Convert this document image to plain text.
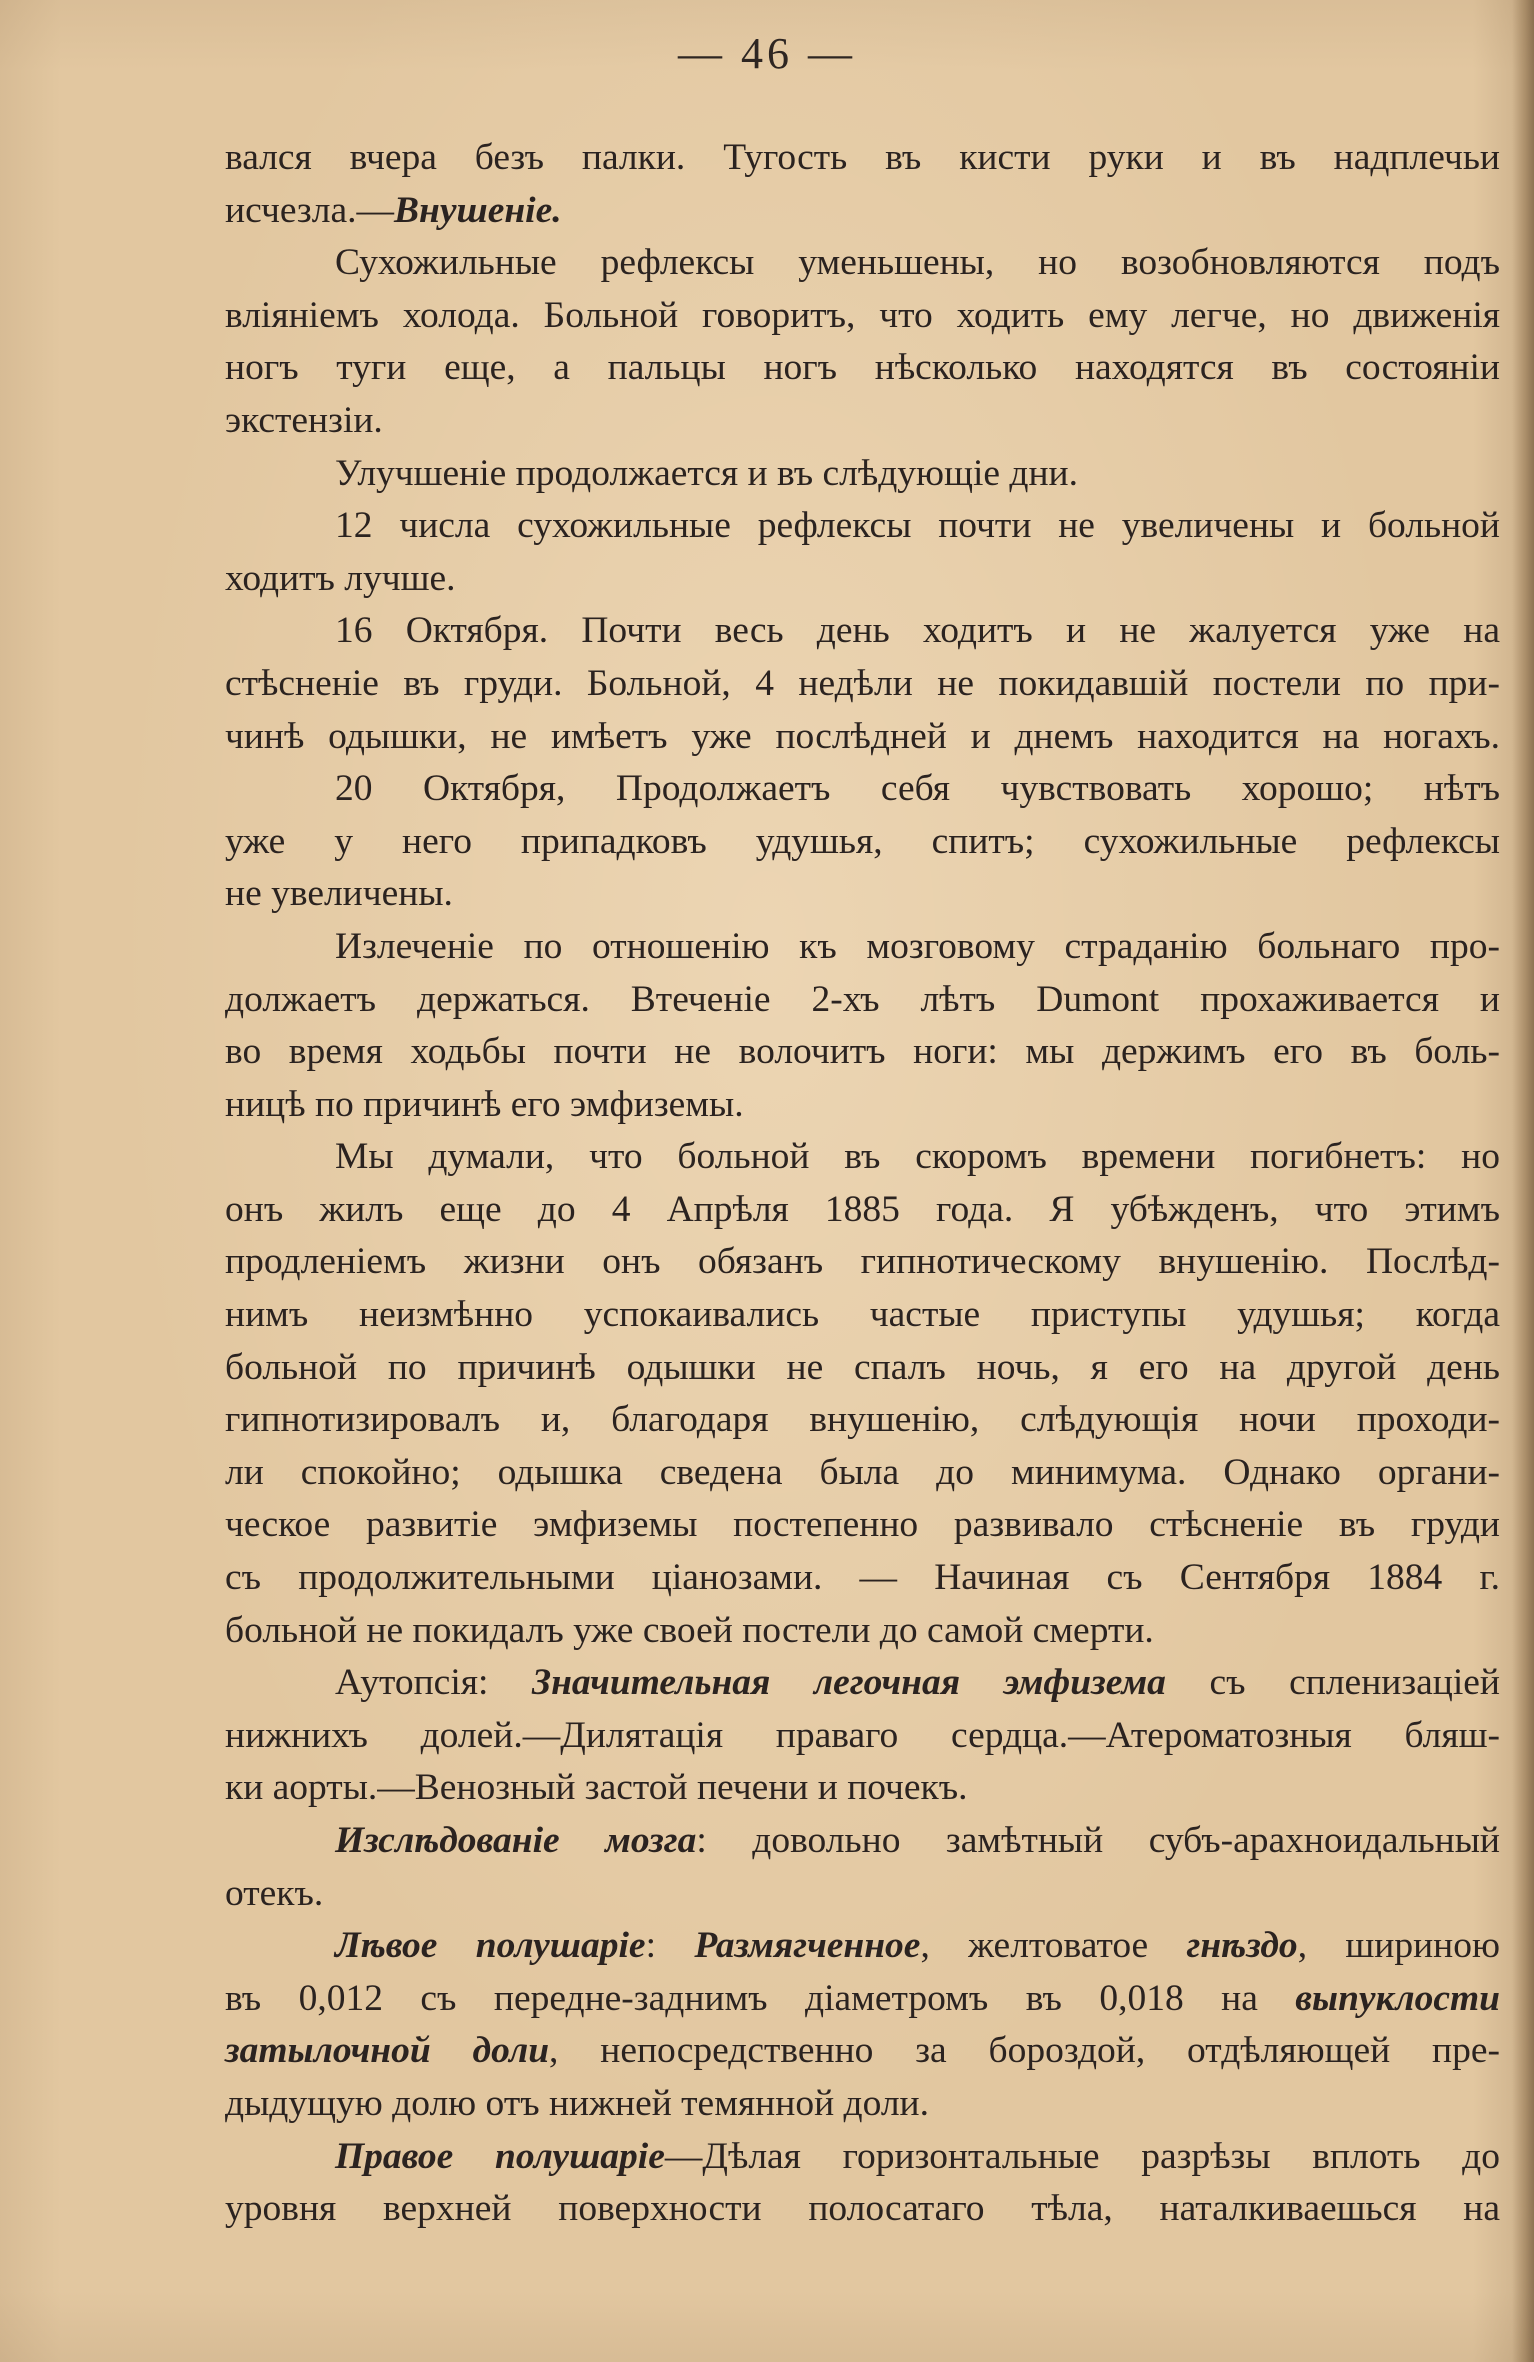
— 46 —
вался вчера безъ палки. Тугость въ кисти руки и въ надплечьи
исчезла.—Внушеніе.
Сухожильные рефлексы уменьшены, но возобновляются подъ
вліяніемъ холода. Больной говоритъ, что ходить ему легче, но движенія
ногъ туги еще, а пальцы ногъ нѣсколько находятся въ состояніи
экстензіи.
Улучшеніе продолжается и въ слѣдующіе дни.
12 числа сухожильные рефлексы почти не увеличены и больной
ходитъ лучше.
16 Октября. Почти весь день ходитъ и не жалуется уже на
стѣсненіе въ груди. Больной, 4 недѣли не покидавшій постели по при-
чинѣ одышки, не имѣетъ уже послѣдней и днемъ находится на ногахъ.
20 Октября, Продолжаетъ себя чувствовать хорошо; нѣтъ
уже у него припадковъ удушья, спитъ; сухожильные рефлексы
не увеличены.
Излеченіе по отношенію къ мозговому страданію больнаго про-
должаетъ держаться. Втеченіе 2-хъ лѣтъ Dumont прохаживается и
во время ходьбы почти не волочитъ ноги: мы держимъ его въ боль-
ницѣ по причинѣ его эмфиземы.
Мы думали, что больной въ скоромъ времени погибнетъ: но
онъ жилъ еще до 4 Апрѣля 1885 года. Я убѣжденъ, что этимъ
продленіемъ жизни онъ обязанъ гипнотическому внушенію. Послѣд-
нимъ неизмѣнно успокаивались частые приступы удушья; когда
больной по причинѣ одышки не спалъ ночь, я его на другой день
гипнотизировалъ и, благодаря внушенію, слѣдующія ночи проходи-
ли спокойно; одышка сведена была до минимума. Однако органи-
ческое развитіе эмфиземы постепенно развивало стѣсненіе въ груди
съ продолжительными ціанозами. — Начиная съ Сентября 1884 г.
больной не покидалъ уже своей постели до самой смерти.
Аутопсія: Значительная легочная эмфизема съ спленизаціей
нижнихъ долей.—Дилятація праваго сердца.—Атероматозныя бляш-
ки аорты.—Венозный застой печени и почекъ.
Изслѣдованіе мозга: довольно замѣтный субъ-арахноидальный
отекъ.
Лѣвое полушаріе: Размягченное, желтоватое гнѣздо, шириною
въ 0,012 съ передне-заднимъ діаметромъ въ 0,018 на выпуклости
затылочной доли, непосредственно за бороздой, отдѣляющей пре-
дыдущую долю отъ нижней темянной доли.
Правое полушаріе—Дѣлая горизонтальные разрѣзы вплоть до
уровня верхней поверхности полосатаго тѣла, наталкиваешься на
